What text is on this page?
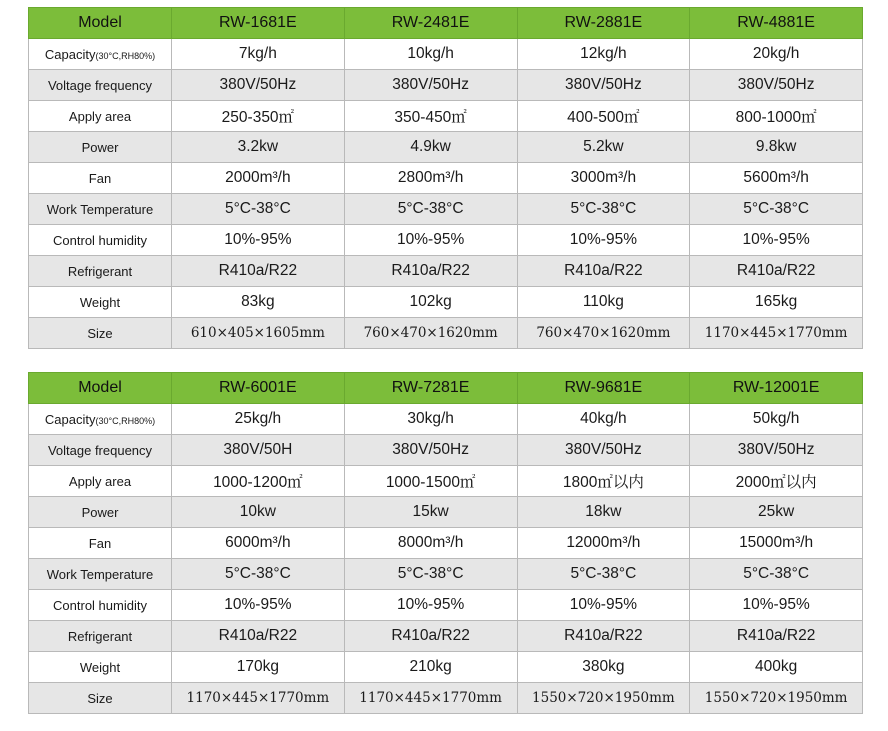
Model	RW-1681E	RW-2481E	RW-2881E	RW-4881E
Capacity(30°C,RH80%)	7kg/h	10kg/h	12kg/h	20kg/h
Voltage frequency	380V/50Hz	380V/50Hz	380V/50Hz	380V/50Hz
Apply area	250-350㎡	350-450㎡	400-500㎡	800-1000㎡
Power	3.2kw	4.9kw	5.2kw	9.8kw
Fan	2000m³/h	2800m³/h	3000m³/h	5600m³/h
Work Temperature	5°C-38°C	5°C-38°C	5°C-38°C	5°C-38°C
Control humidity	10%-95%	10%-95%	10%-95%	10%-95%
Refrigerant	R410a/R22	R410a/R22	R410a/R22	R410a/R22
Weight	83kg	102kg	110kg	165kg
Size	610×405×1605mm	760×470×1620mm	760×470×1620mm	1170×445×1770mm
Model	RW-6001E	RW-7281E	RW-9681E	RW-12001E
Capacity(30°C,RH80%)	25kg/h	30kg/h	40kg/h	50kg/h
Voltage frequency	380V/50H	380V/50Hz	380V/50Hz	380V/50Hz
Apply area	1000-1200㎡	1000-1500㎡	1800㎡以内	2000㎡以内
Power	10kw	15kw	18kw	25kw
Fan	6000m³/h	8000m³/h	12000m³/h	15000m³/h
Work Temperature	5°C-38°C	5°C-38°C	5°C-38°C	5°C-38°C
Control humidity	10%-95%	10%-95%	10%-95%	10%-95%
Refrigerant	R410a/R22	R410a/R22	R410a/R22	R410a/R22
Weight	170kg	210kg	380kg	400kg
Size	1170×445×1770mm	1170×445×1770mm	1550×720×1950mm	1550×720×1950mm
